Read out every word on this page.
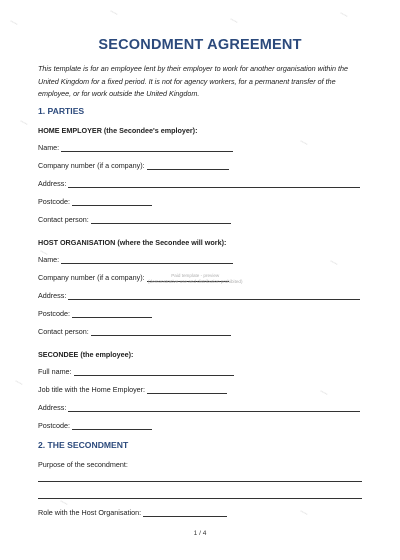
▪▪▪▪▪
▪▪▪▪▪
▪▪▪▪▪
▪▪▪▪▪
▪▪▪▪▪
▪▪▪▪▪
▪▪▪▪▪
▪▪▪▪▪
▪▪▪▪▪
▪▪▪▪▪
▪▪▪▪▪
▪▪▪▪▪
SECONDMENT AGREEMENT
This template is for an employee lent by their employer to work for another organisation within the United Kingdom for a fixed period. It is not for agency workers, for a permanent transfer of the employee, or for work outside the United Kingdom.
1. PARTIES
HOME EMPLOYER (the Secondee's employer):
Name:
Company number (if a company):
Address:
Postcode:
Contact person:
HOST ORGANISATION (where the Secondee will work):
Name:
Company number (if a company):	Paid template - preview
(demonstrative use and distribution prohibited)
Address:
Postcode:
Contact person:
SECONDEE (the employee):
Full name:
Job title with the Home Employer:
Address:
Postcode:
2. THE SECONDMENT
Purpose of the secondment:
Role with the Host Organisation:
1 / 4
